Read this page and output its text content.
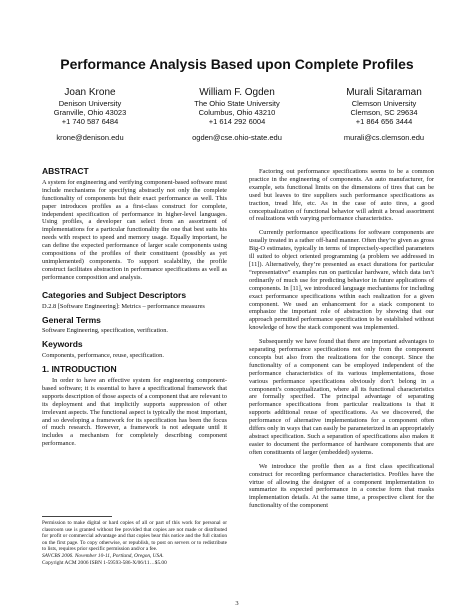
Performance Analysis Based upon Complete Profiles
Joan Krone
Denison University
Granville, Ohio 43023
+1 740 587 6484
krone@denison.edu
William F. Ogden
The Ohio State University
Columbus, Ohio 43210
+1 614 292 6004
ogden@cse.ohio-state.edu
Murali Sitaraman
Clemson University
Clemson, SC 29634
+1 864 656 3444
murali@cs.clemson.edu
ABSTRACT

A system for engineering and verifying component-based software must include mechanisms for specifying abstractly not only the complete functionality of components but their exact performance as well. This paper introduces profiles as a first-class construct for complete, independent specification of performance in higher-level languages. Using profiles, a developer can select from an assortment of implementations for a particular functionality the one that best suits his needs with respect to speed and memory usage. Equally important, he can define the expected performance of larger scale components using compositions of the profiles of their constituent (possibly as yet unimplemented) components. To support scalability, the profile construct facilitates abstraction in performance specifications as well as performance composition and analysis.

Categories and Subject Descriptors

D.2.8 [Software Engineering]: Metrics – performance measures

General Terms

Software Engineering, specification, verification.

Keywords

Components, performance, reuse, specification.

1. INTRODUCTION

In order to have an effective system for engineering component-based software; it is essential to have a specificational framework that supports description of those aspects of a component that are relevant to its deployment and that implicitly supports suppression of other irrelevant aspects. The functional aspect is typically the most important, and so developing a framework for its specification has been the focus of much research. However, a framework is not adequate until it includes a mechanism for completely describing component performance.

Permission to make digital or hard copies of all or part of this work for personal or classroom use is granted without fee provided that copies are not made or distributed for profit or commercial advantage and that copies bear this notice and the full citation on the first page. To copy otherwise, or republish, to post on servers or to redistribute to lists, requires prior specific permission and/or a fee.

SAVCBS 2006. November 10-11, Portland, Oregon, USA.
Copyright ACM 2006 ISBN 1-59593-586-X/06/11…$5.00

Factoring out performance specifications seems to be a common practice in the engineering of components. An auto manufacturer, for example, sets functional limits on the dimensions of tires that can be used but leaves to tire suppliers such performance specifications as traction, tread life, etc. As in the case of auto tires, a good conceptualization of functional behavior will admit a broad assortment of realizations with varying performance characteristics.

Currently performance specifications for software components are usually treated in a rather off-hand manner. Often they’re given as gross Big-O estimates, typically in terms of imprecisely-specified parameters ill suited to object oriented programming (a problem we addressed in [11]). Alternatively, they’re presented as exact durations for particular “representative” examples run on particular hardware, which data isn’t ordinarily of much use for predicting behavior in future applications of components. In [11], we introduced language mechanisms for including exact performance specifications within each realization for a given component. We used an enhancement for a stack component to emphasize the important role of abstraction by showing that our approach permitted performance specification to be established without knowledge of how the stack component was implemented.

Subsequently we have found that there are important advantages to separating performance specifications not only from the component concepts but also from the realizations for the concept. Since the functionality of a component can be employed independent of the performance characteristics of its various implementations, those various performance specifications obviously don’t belong in a component’s conceptualization, where all its functional characteristics are formally specified. The principal advantage of separating performance specifications from particular realizations is that it supports additional reuse of specifications. As we discovered, the performance of alternative implementations for a component often differs only in ways that can easily be parameterized in an appropriately abstract specification. Such a separation of specifications also makes it easier to document the performance of hardware components that are often constituents of larger (embedded) systems.

We introduce the profile then as a first class specificational construct for recording performance characteristics. Profiles have the virtue of allowing the designer of a component implementation to summarize its expected performance in a concise form that masks implementation details. At the same time, a prospective client for the functionality of the component

3
